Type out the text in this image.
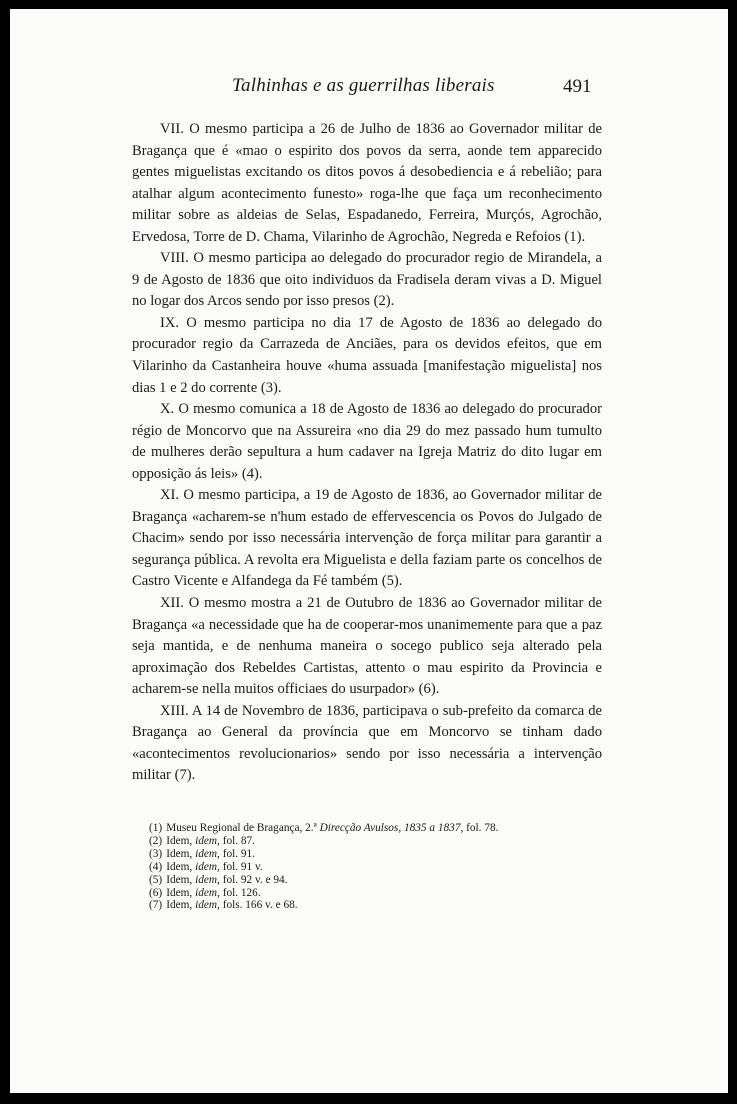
Talhinhas e as guerrilhas liberais	491

VII. O mesmo participa a 26 de Julho de 1836 ao Governador militar de Bragança que é «mao o espirito dos povos da serra, aonde tem apparecido gentes miguelistas excitando os ditos povos á desobediencia e á rebelião; para atalhar algum acontecimento funesto» roga-lhe que faça um reconhecimento militar sobre as aldeias de Selas, Espadanedo, Ferreira, Murçós, Agrochão, Ervedosa, Torre de D. Chama, Vilarinho de Agrochão, Negreda e Refoios (1).

VIII. O mesmo participa ao delegado do procurador regio de Mirandela, a 9 de Agosto de 1836 que oito individuos da Fradisela deram vivas a D. Miguel no logar dos Arcos sendo por isso presos (2).

IX. O mesmo participa no dia 17 de Agosto de 1836 ao delegado do procurador regio da Carrazeda de Anciães, para os devidos efeitos, que em Vilarinho da Castanheira houve «huma assuada [manifestação miguelista] nos dias 1 e 2 do corrente (3).

X. O mesmo comunica a 18 de Agosto de 1836 ao delegado do procurador régio de Moncorvo que na Assureira «no dia 29 do mez passado hum tumulto de mulheres derão sepultura a hum cadaver na Igreja Matriz do dito lugar em opposição ás leis» (4).

XI. O mesmo participa, a 19 de Agosto de 1836, ao Governador militar de Bragança «acharem-se n'hum estado de effervescencia os Povos do Julgado de Chacim» sendo por isso necessária intervenção de força militar para garantir a segurança pública. A revolta era Miguelista e della faziam parte os concelhos de Castro Vicente e Alfandega da Fé também (5).

XII. O mesmo mostra a 21 de Outubro de 1836 ao Governador militar de Bragança «a necessidade que ha de cooperar-mos unanimemente para que a paz seja mantida, e de nenhuma maneira o socego publico seja alterado pela aproximação dos Rebeldes Cartistas, attento o mau espirito da Provincia e acharem-se nella muitos officiaes do usurpador» (6).

XIII. A 14 de Novembro de 1836, participava o sub-prefeito da comarca de Bragança ao General da província que em Moncorvo se tinham dado «acontecimentos revolucionarios» sendo por isso necessária a intervenção militar (7).

(1) Museu Regional de Bragança, 2.ª Direcção Avulsos, 1835 a 1837, fol. 78.
(2) Idem, idem, fol. 87.
(3) Idem, idem, fol. 91.
(4) Idem, idem, fol. 91 v.
(5) Idem, idem, fol. 92 v. e 94.
(6) Idem, idem, fol. 126.
(7) Idem, idem, fols. 166 v. e 68.
